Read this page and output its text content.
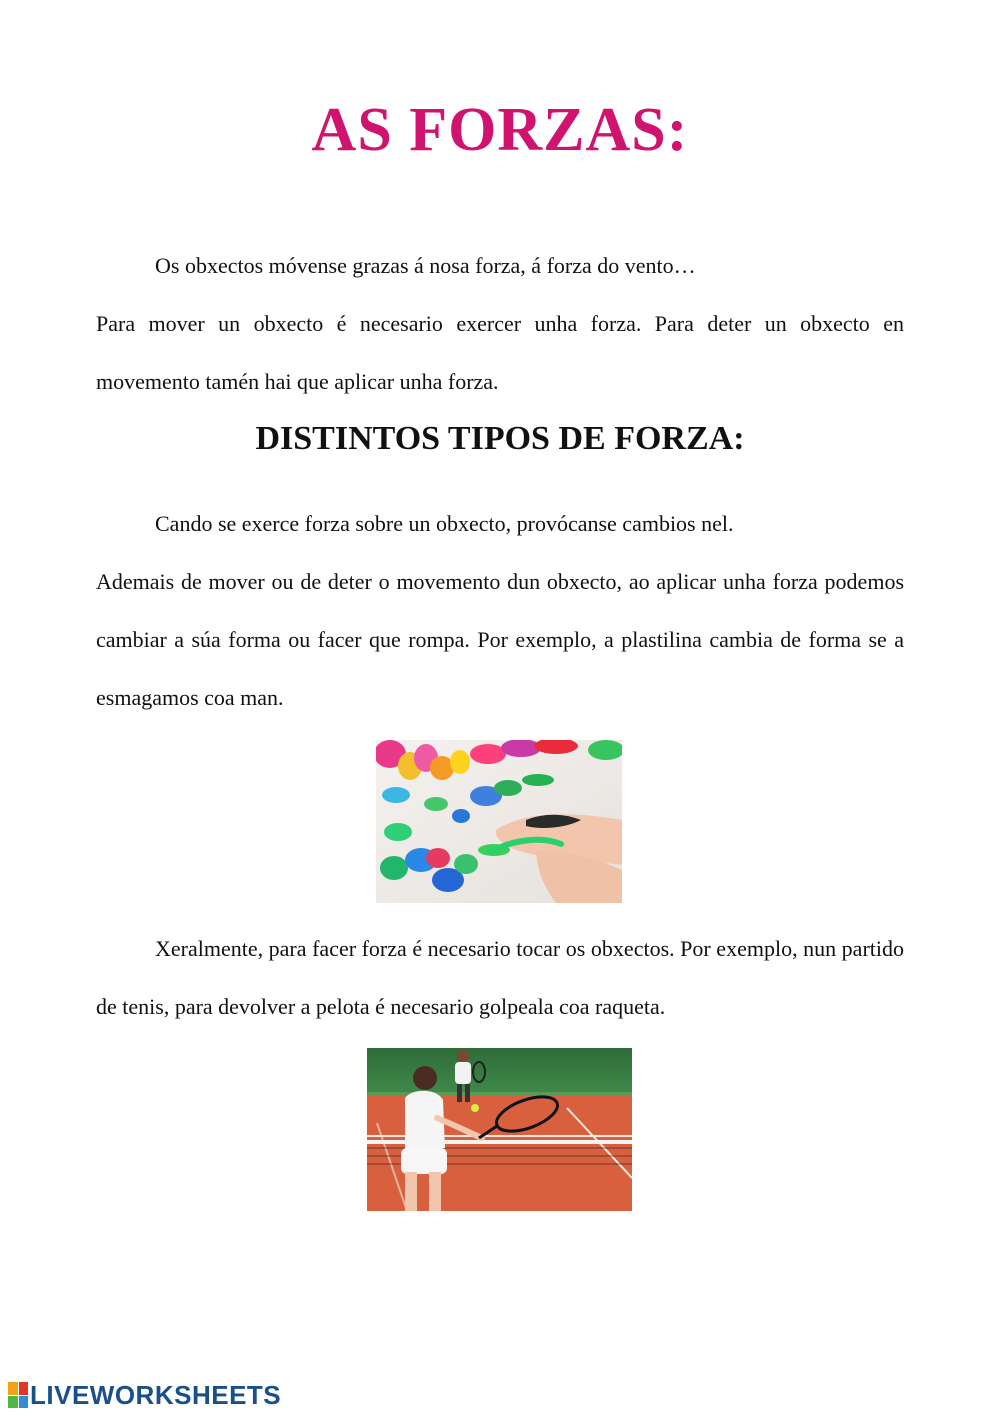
AS FORZAS:

Os obxectos móvense grazas á nosa forza, á forza do vento…

Para mover un obxecto é necesario exercer unha forza. Para deter un obxecto en movemento tamén hai que aplicar unha forza.

DISTINTOS TIPOS DE FORZA:

Cando se exerce forza sobre un obxecto, provócanse cambios nel.

Ademais de mover ou de deter o movemento dun obxecto, ao aplicar unha forza podemos cambiar a súa forma ou facer que rompa. Por exemplo, a plastilina cambia de forma se a esmagamos coa man.

Xeralmente, para facer forza é necesario tocar os obxectos. Por exemplo, nun partido de tenis, para devolver a pelota é necesario golpeala coa raqueta.

LIVEWORKSHEETS
